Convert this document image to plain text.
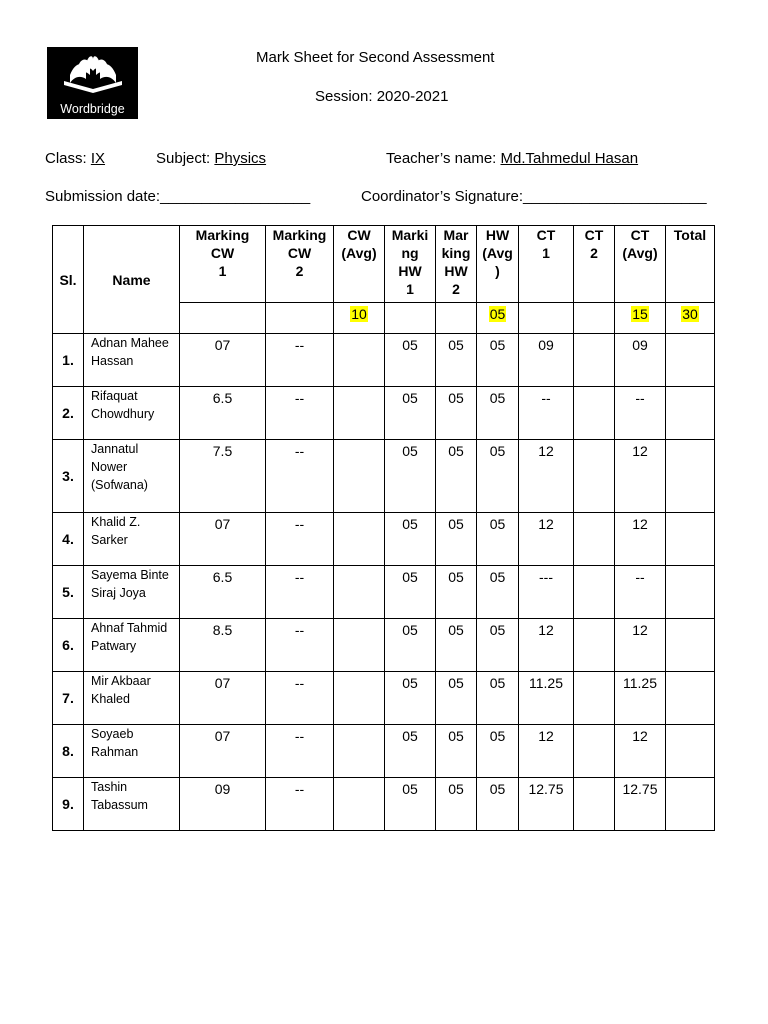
Wordbridge
Mark Sheet for Second Assessment
Session: 2020-2021
Class: IX	Subject: Physics	Teacher’s name: Md.Tahmedul Hasan
Submission date:__________________	Coordinator’s Signature:______________________
Sl.	Name	Marking
CW
1	Marking
CW
2	CW
(Avg)	Marki
ng
HW
1	Mar
king
HW
2	HW
(Avg
)	CT
1	CT
2	CT
(Avg)	Total
				10			05			15	30
1.	Adnan Mahee
Hassan	07	--		05	05	05	09		09	
2.	Rifaquat
Chowdhury	6.5	--		05	05	05	--		--	
3.	Jannatul
Nower
(Sofwana)	7.5	--		05	05	05	12		12	
4.	Khalid Z.
Sarker	07	--		05	05	05	12		12	
5.	Sayema Binte
Siraj Joya	6.5	--		05	05	05	---		--	
6.	Ahnaf Tahmid
Patwary	8.5	--		05	05	05	12		12	
7.	Mir Akbaar
Khaled	07	--		05	05	05	11.25		11.25	
8.	Soyaeb
Rahman	07	--		05	05	05	12		12	
9.	Tashin
Tabassum	09	--		05	05	05	12.75		12.75	
